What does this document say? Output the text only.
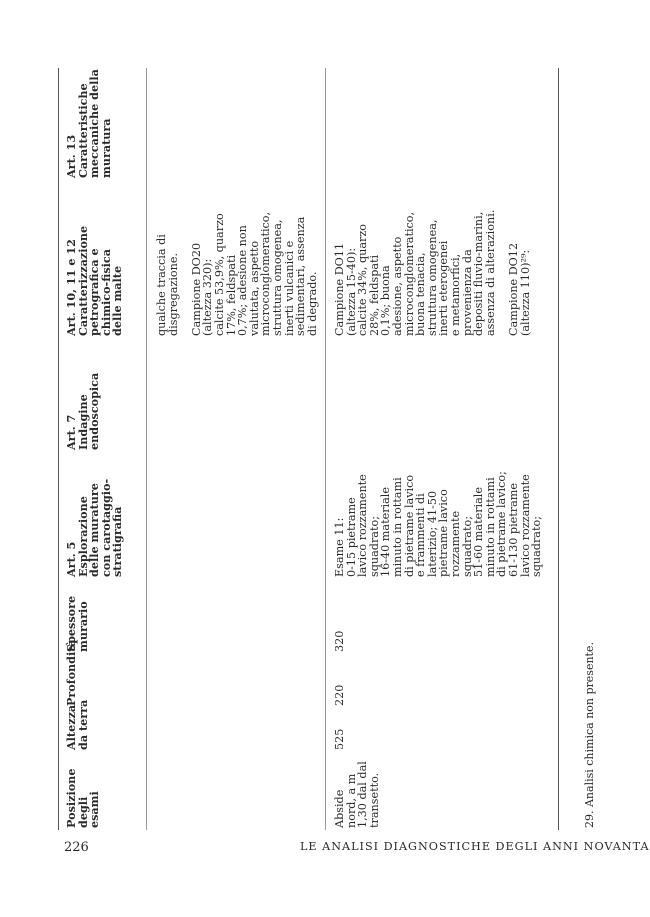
Posizione
degli
esami
Altezza
da terra
Profondità
Spessore
murario
Art. 5
Esplorazione
delle murature
con carotaggio-
stratigrafia
Art. 7
Indagine
endoscopica
Art. 10, 11 e 12
Caratterizzazione
petrografica e
chimico-fisica
delle malte
Art. 13
Caratteristiche
meccaniche della
muratura
qualche traccia di
disgregazione.
Campione DO20
(altezza 320):
calcite 53,9%, quarzo
17%, feldspati
0,7%; adesione non
valutata, aspetto
microconglomeratico,
struttura omogenea,
inerti vulcanici e
sedimentari, assenza
di degrado.
Abside
nord, a m
1,30 dal dal
transetto.
525
220
320
Esame 11:
0-15 pietrame
lavico rozzamente
squadrato;
16-40 materiale
minuto in rottami
di pietrame lavico
e frammenti di
laterizio; 41-50
pietrame lavico
rozzamente
squadrato;
51-60 materiale
minuto in rottami
di pietrame lavico;
61-130 pietrame
lavico rozzamente
squadrato;
Campione DO11
(altezza 15-40):
calcite 34%, quarzo
28%, feldspati
0,1%; buona
adesione, aspetto
microconglomeratico,
buona tenacia,
struttura omogenea,
inerti eterogenei
e metamorfici,
provenienza da
depositi fluvio-marini,
assenza di alterazioni.
Campione DO12
(altezza 110)²⁹:
29. Analisi chimica non presente.
226	LE ANALISI DIAGNOSTICHE DEGLI ANNI NOVANTA
